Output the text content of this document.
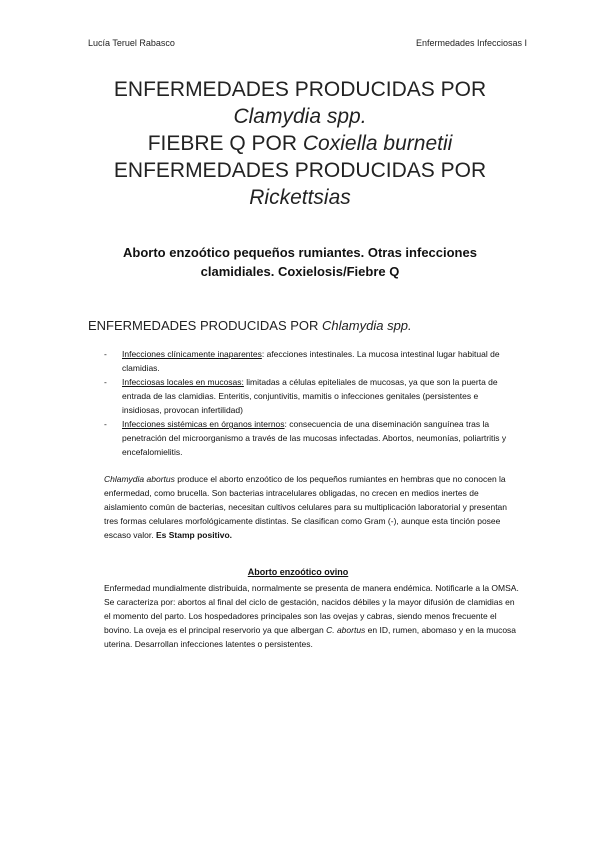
Lucía Teruel Rabasco	Enfermedades Infecciosas I
ENFERMEDADES PRODUCIDAS POR
Clamydia spp.
FIEBRE Q POR Coxiella burnetii
ENFERMEDADES PRODUCIDAS POR
Rickettsias
Aborto enzoótico pequeños rumiantes. Otras infecciones
clamidiales. Coxielosis/Fiebre Q
ENFERMEDADES PRODUCIDAS POR Chlamydia spp.
- Infecciones clínicamente inaparentes: afecciones intestinales. La mucosa intestinal lugar habitual de clamidias.
- Infecciosas locales en mucosas: limitadas a células epiteliales de mucosas, ya que son la puerta de entrada de las clamidias. Enteritis, conjuntivitis, mamitis o infecciones genitales (persistentes e insidiosas, provocan infertilidad)
- Infecciones sistémicas en órganos internos: consecuencia de una diseminación sanguínea tras la penetración del microorganismo a través de las mucosas infectadas. Abortos, neumonías, poliartritis y encefalomielitis.
Chlamydia abortus produce el aborto enzoótico de los pequeños rumiantes en hembras que no conocen la enfermedad, como brucella. Son bacterias intracelulares obligadas, no crecen en medios inertes de aislamiento común de bacterias, necesitan cultivos celulares para su multiplicación laboratorial y presentan tres formas celulares morfológicamente distintas. Se clasifican como Gram (-), aunque esta tinción posee escaso valor. Es Stamp positivo.
Aborto enzoótico ovino
Enfermedad mundialmente distribuida, normalmente se presenta de manera endémica. Notificarle a la OMSA. Se caracteriza por: abortos al final del ciclo de gestación, nacidos débiles y la mayor difusión de clamidias en el momento del parto. Los hospedadores principales son las ovejas y cabras, siendo menos frecuente el bovino. La oveja es el principal reservorio ya que albergan C. abortus en ID, rumen, abomaso y en la mucosa uterina. Desarrollan infecciones latentes o persistentes.
